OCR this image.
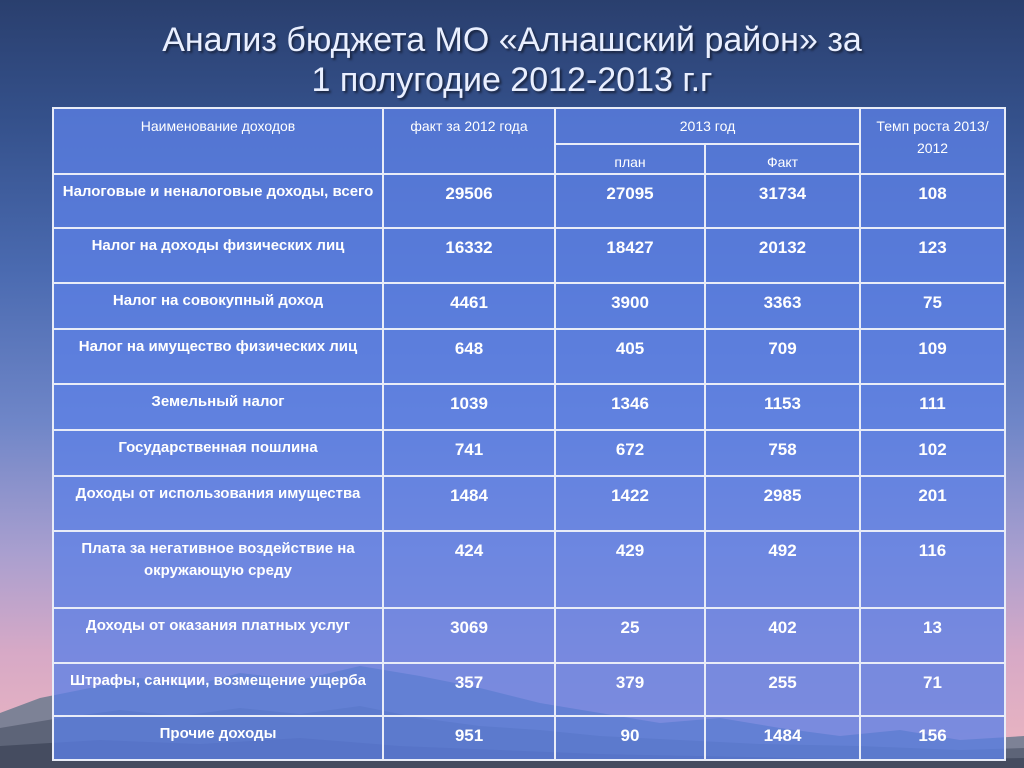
Анализ бюджета МО «Алнашский район» за
1 полугодие 2012-2013 г.г
Наименование доходов	факт за 2012 года	2013 год		Темп роста 2013/ 2012
		план	Факт	
Налоговые и неналоговые доходы, всего	29506	27095	31734	108
Налог на доходы физических лиц	16332	18427	20132	123
Налог на совокупный доход	4461	3900	3363	75
Налог на имущество физических лиц	648	405	709	109
Земельный налог	1039	1346	1153	111
Государственная пошлина	741	672	758	102
Доходы от использования имущества	1484	1422	2985	201
Плата за негативное воздействие на окружающую среду	424	429	492	116
Доходы от оказания платных услуг	3069	25	402	13
Штрафы, санкции, возмещение ущерба	357	379	255	71
Прочие доходы	951	90	1484	156
